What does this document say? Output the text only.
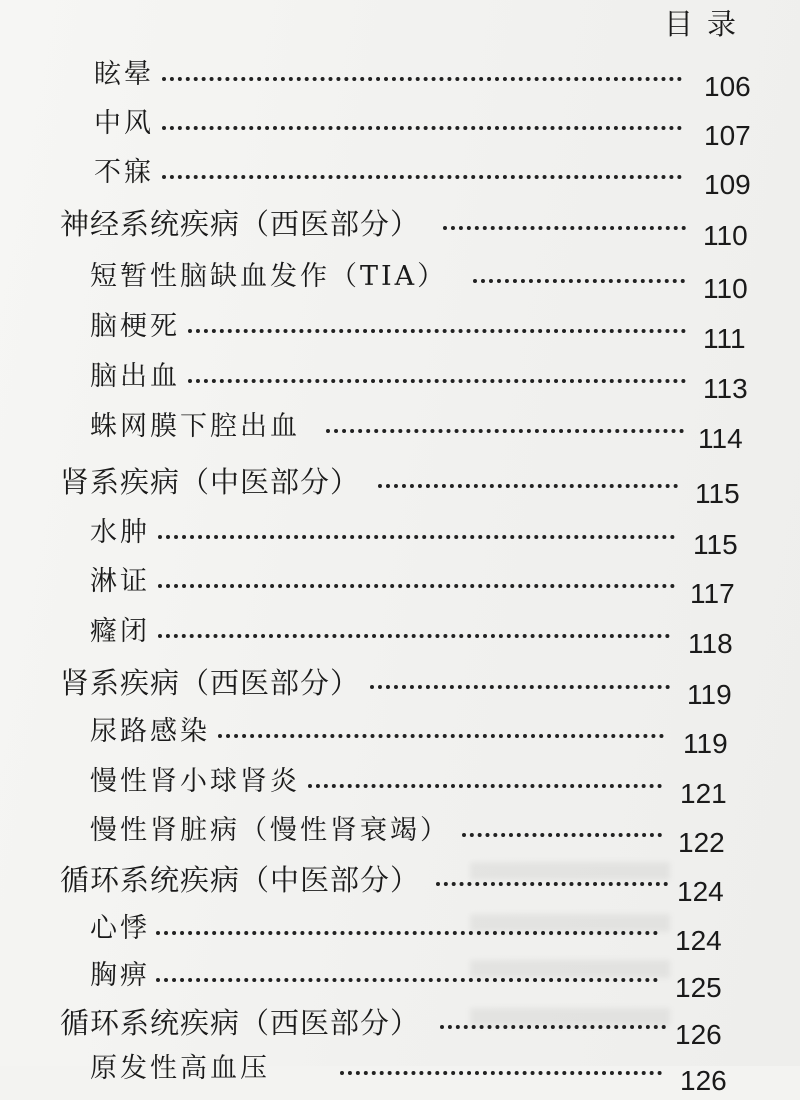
目录
眩晕	106
中风	107
不寐	109
神经系统疾病（西医部分）	110
短暂性脑缺血发作（TIA）	110
脑梗死	111
脑出血	113
蛛网膜下腔出血	114
肾系疾病（中医部分）	115
水肿	115
淋证	117
癃闭	118
肾系疾病（西医部分）	119
尿路感染	119
慢性肾小球肾炎	121
慢性肾脏病（慢性肾衰竭）	122
循环系统疾病（中医部分）	124
心悸	124
胸痹	125
循环系统疾病（西医部分）	126
原发性高血压	126
